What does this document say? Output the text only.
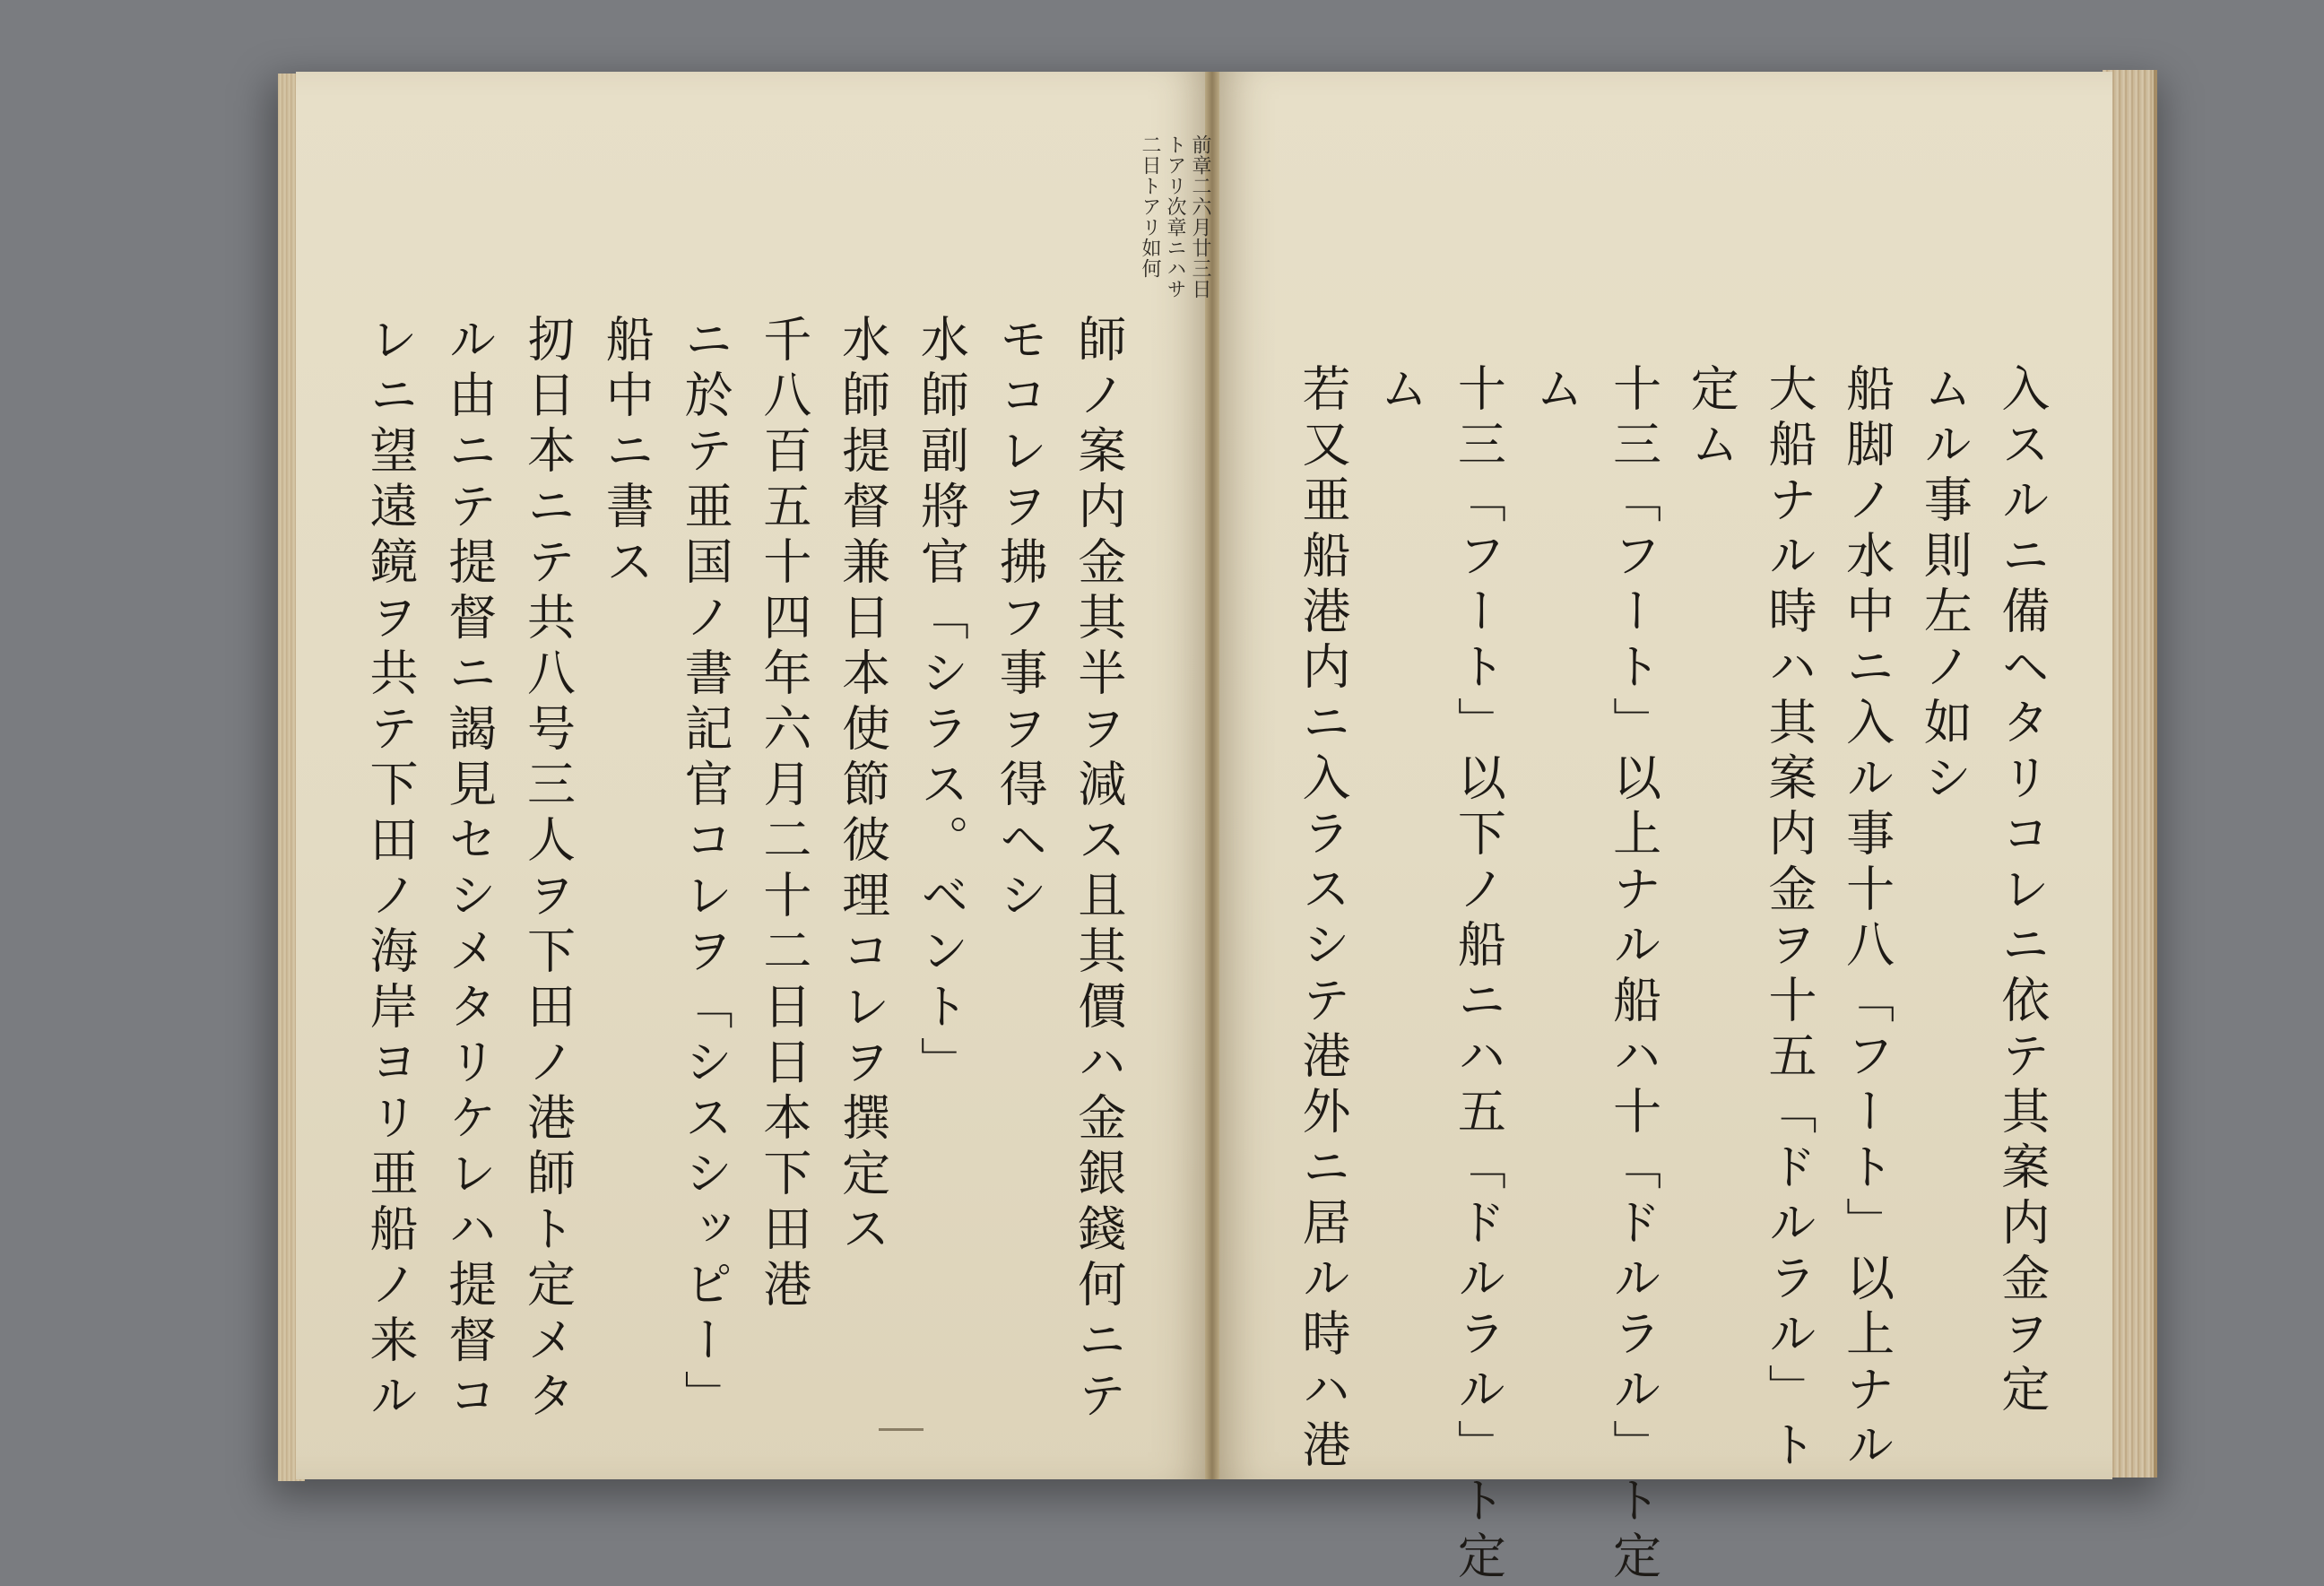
前章二六月廿三日
トアリ次章ニハサ
二日トアリ如何
師ノ案内金其半ヲ減ス且其價ハ金銀錢何ニテ
モコレヲ拂フ事ヲ得ヘシ
水師副將官「シラス。ベント」
水師提督兼日本使節彼理コレヲ撰定ス
千八百五十四年六月二十二日日本下田港
ニ於テ亜国ノ書記官コレヲ「シスシッピー」
船中ニ書ス
扨日本ニテ共八号三人ヲ下田ノ港師ト定メタ
ル由ニテ提督ニ謁見セシメタリケレハ提督コ
レニ望遠鏡ヲ共テ下田ノ海岸ヨリ亜船ノ来ル	入スルニ備ヘタリコレニ依テ其案内金ヲ定
ムル事則左ノ如シ
船脚ノ水中ニ入ル事十八「フート」以上ナル
大船ナル時ハ其案内金ヲ十五「ドルラル」ト
定ム
十三「フート」以上ナル船ハ十「ドルラル」ト定
ム
十三「フート」以下ノ船ニハ五「ドルラル」ト定
ム
若又亜船港内ニ入ラスシテ港外ニ居ル時ハ港
